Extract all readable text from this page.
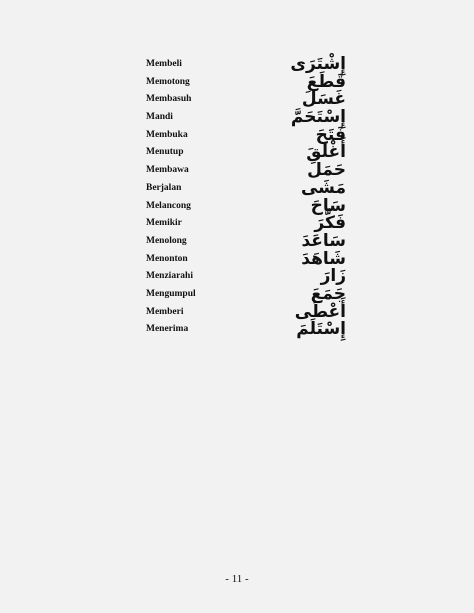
Membeli	إِشْتَرَى
Memotong	قَطَعَ
Membasuh	غَسَلَ
Mandi	إِسْتَحَمَّ
Membuka	فَتَحَ
Menutup	أَغْلَقَ
Membawa	حَمَلَ
Berjalan	مَشَى
Melancong	سَاحَ
Memikir	فَكَّرَ
Menolong	سَاعَدَ
Menonton	شَاهَدَ
Menziarahi	زَارَ
Mengumpul	جَمَعَ
Memberi	أَعْطَى
Menerima	إِسْتَلَمَ
- 11 -
